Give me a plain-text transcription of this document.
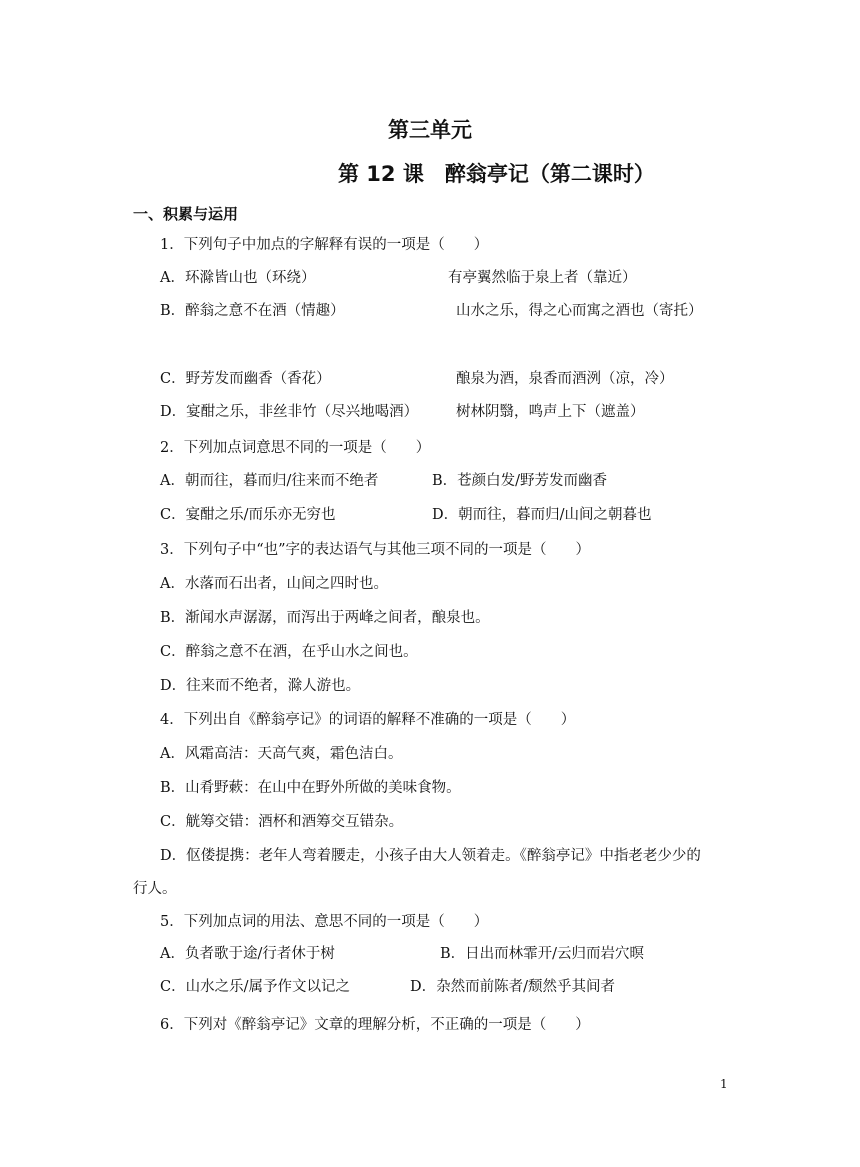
第三单元
第 12 课　醉翁亭记（第二课时）
一、积累与运用
1．下列句子中加点的字解释有误的一项是（　　）
A．环滁皆山也（环绕）	有亭翼然临于泉上者（靠近）
B．醉翁之意不在酒（情趣）	山水之乐，得之心而寓之酒也（寄托）
C．野芳发而幽香（香花）	酿泉为酒，泉香而酒洌（凉，冷）
D．宴酣之乐，非丝非竹（尽兴地喝酒）	树林阴翳，鸣声上下（遮盖）
2．下列加点词意思不同的一项是（　　）
A．朝而往，暮而归/往来而不绝者	B．苍颜白发/野芳发而幽香
C．宴酣之乐/而乐亦无穷也	D．朝而往，暮而归/山间之朝暮也
3．下列句子中“也”字的表达语气与其他三项不同的一项是（　　）
A．水落而石出者，山间之四时也。
B．渐闻水声潺潺，而泻出于两峰之间者，酿泉也。
C．醉翁之意不在酒，在乎山水之间也。
D．往来而不绝者，滁人游也。
4．下列出自《醉翁亭记》的词语的解释不准确的一项是（　　）
A．风霜高洁：天高气爽，霜色洁白。
B．山肴野蔌：在山中在野外所做的美味食物。
C．觥筹交错：酒杯和酒筹交互错杂。
D．伛偻提携：老年人弯着腰走，小孩子由大人领着走。《醉翁亭记》中指老老少少的
行人。
5．下列加点词的用法、意思不同的一项是（　　）
A．负者歌于途/行者休于树	B．日出而林霏开/云归而岩穴暝
C．山水之乐/属予作文以记之	D．杂然而前陈者/颓然乎其间者
6．下列对《醉翁亭记》文章的理解分析，不正确的一项是（　　）
1
